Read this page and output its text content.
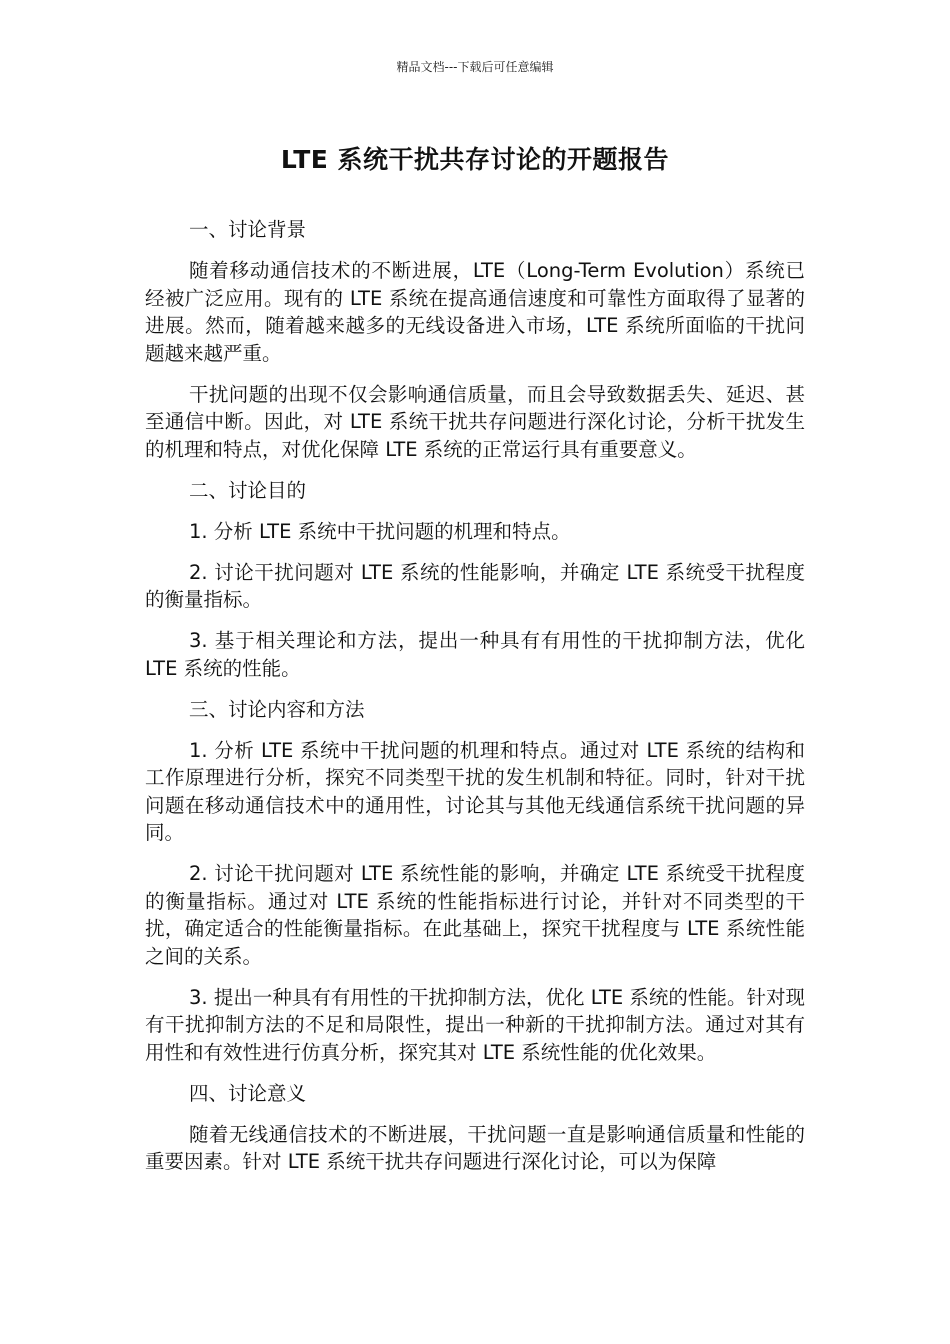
精品文档---下载后可任意编辑
LTE 系统干扰共存讨论的开题报告

一、讨论背景

随着移动通信技术的不断进展，LTE（Long-Term Evolution）系统已经被广泛应用。现有的 LTE 系统在提高通信速度和可靠性方面取得了显著的进展。然而，随着越来越多的无线设备进入市场，LTE 系统所面临的干扰问题越来越严重。

干扰问题的出现不仅会影响通信质量，而且会导致数据丢失、延迟、甚至通信中断。因此，对 LTE 系统干扰共存问题进行深化讨论，分析干扰发生的机理和特点，对优化保障 LTE 系统的正常运行具有重要意义。

二、讨论目的

1. 分析 LTE 系统中干扰问题的机理和特点。

2. 讨论干扰问题对 LTE 系统的性能影响，并确定 LTE 系统受干扰程度的衡量指标。

3. 基于相关理论和方法，提出一种具有有用性的干扰抑制方法，优化 LTE 系统的性能。

三、讨论内容和方法

1. 分析 LTE 系统中干扰问题的机理和特点。通过对 LTE 系统的结构和工作原理进行分析，探究不同类型干扰的发生机制和特征。同时，针对干扰问题在移动通信技术中的通用性，讨论其与其他无线通信系统干扰问题的异同。

2. 讨论干扰问题对 LTE 系统性能的影响，并确定 LTE 系统受干扰程度的衡量指标。通过对 LTE 系统的性能指标进行讨论，并针对不同类型的干扰，确定适合的性能衡量指标。在此基础上，探究干扰程度与 LTE 系统性能之间的关系。

3. 提出一种具有有用性的干扰抑制方法，优化 LTE 系统的性能。针对现有干扰抑制方法的不足和局限性，提出一种新的干扰抑制方法。通过对其有用性和有效性进行仿真分析，探究其对 LTE 系统性能的优化效果。

四、讨论意义

随着无线通信技术的不断进展，干扰问题一直是影响通信质量和性能的重要因素。针对 LTE 系统干扰共存问题进行深化讨论，可以为保障
